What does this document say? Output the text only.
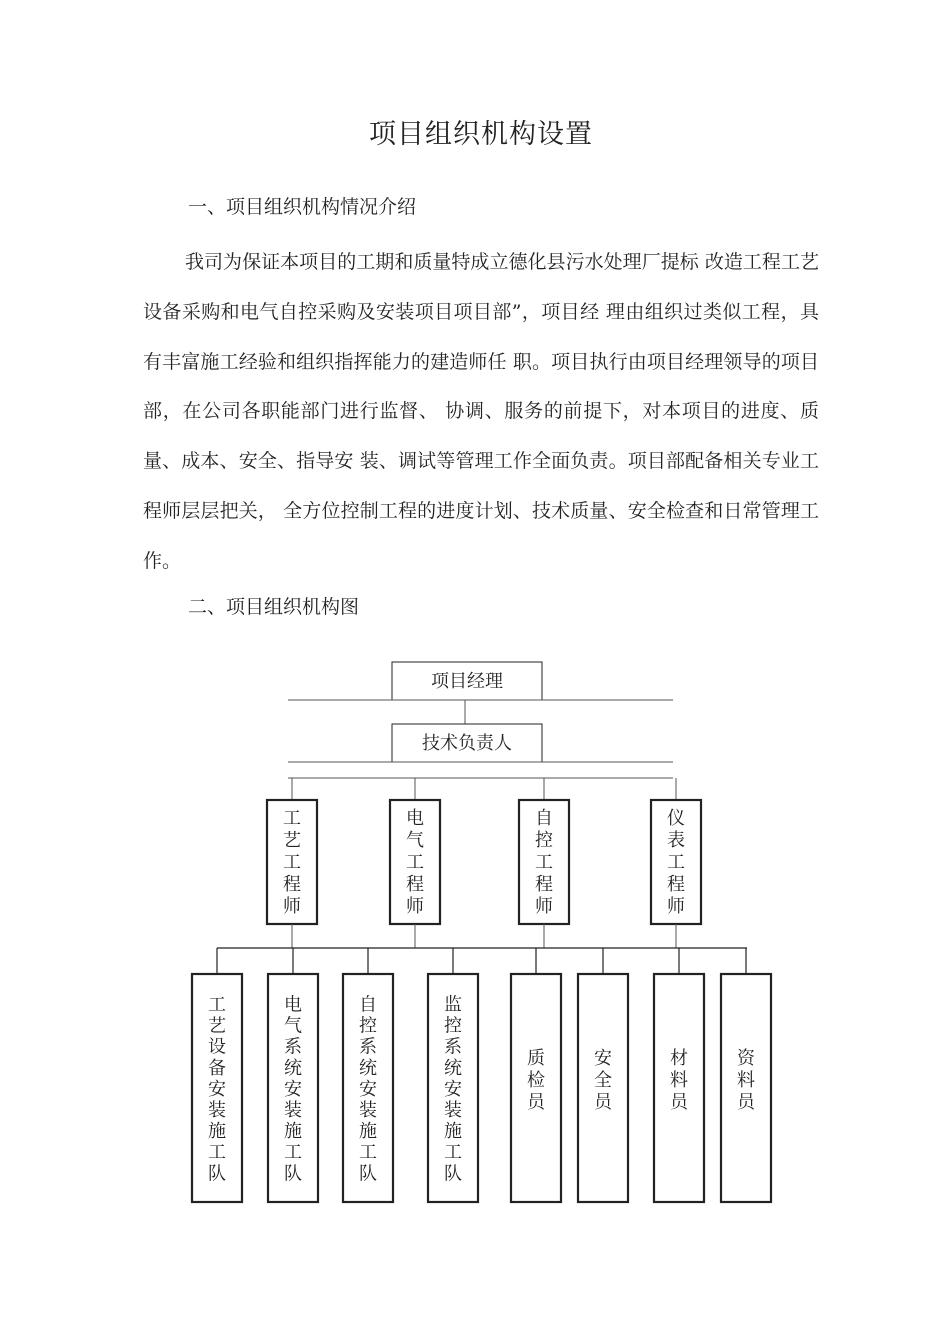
项目组织机构设置
一、项目组织机构情况介绍

我司为保证本项目的工期和质量特成立德化县污水处理厂提标 改造工程工艺设备采购和电气自控采购及安装项目项目部”，项目经 理由组织过类似工程，具有丰富施工经验和组织指挥能力的建造师任 职。项目执行由项目经理领导的项目部，在公司各职能部门进行监督、 协调、服务的前提下，对本项目的进度、质量、成本、安全、指导安 装、调试等管理工作全面负责。项目部配备相关专业工程师层层把关， 全方位控制工程的进度计划、技术质量、安全检查和日常管理工作。

二、项目组织机构图
项目经理
技术负责人
工
艺
工
程
师
电
气
工
程
师
自
控
工
程
师
仪
表
工
程
师
工
艺
设
备
安
装
施
工
队
电
气
系
统
安
装
施
工
队
自
控
系
统
安
装
施
工
队
监
控
系
统
安
装
施
工
队
质
检
员
安
全
员
材
料
员
资
料
员
